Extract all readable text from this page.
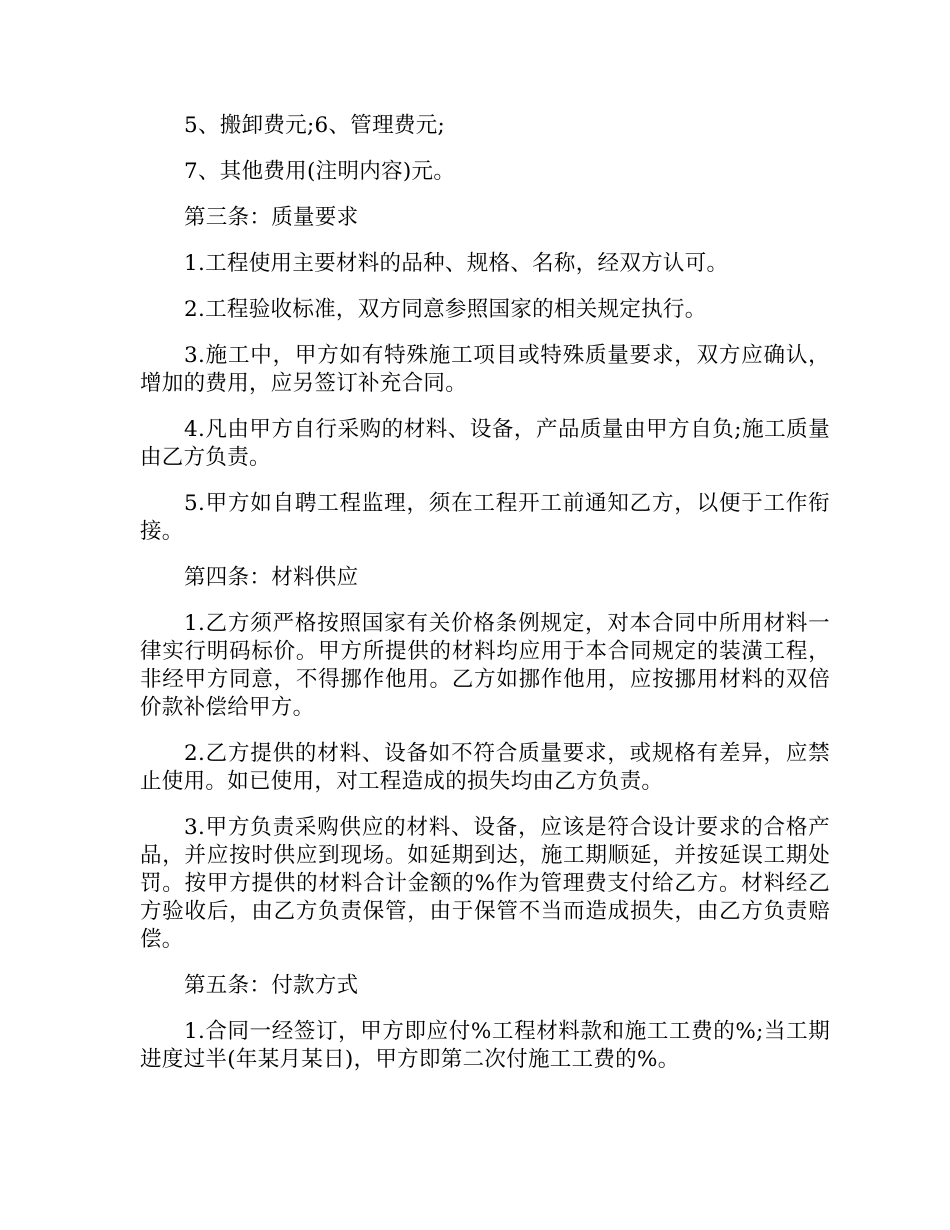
5、搬卸费元;6、管理费元;

7、其他费用(注明内容)元。

第三条：质量要求

1.工程使用主要材料的品种、规格、名称，经双方认可。

2.工程验收标准，双方同意参照国家的相关规定执行。

3.施工中，甲方如有特殊施工项目或特殊质量要求，双方应确认，增加的费用，应另签订补充合同。

4.凡由甲方自行采购的材料、设备，产品质量由甲方自负;施工质量由乙方负责。

5.甲方如自聘工程监理，须在工程开工前通知乙方，以便于工作衔接。

第四条：材料供应

1.乙方须严格按照国家有关价格条例规定，对本合同中所用材料一律实行明码标价。甲方所提供的材料均应用于本合同规定的装潢工程，非经甲方同意，不得挪作他用。乙方如挪作他用，应按挪用材料的双倍价款补偿给甲方。

2.乙方提供的材料、设备如不符合质量要求，或规格有差异，应禁止使用。如已使用，对工程造成的损失均由乙方负责。

3.甲方负责采购供应的材料、设备，应该是符合设计要求的合格产品，并应按时供应到现场。如延期到达，施工期顺延，并按延误工期处罚。按甲方提供的材料合计金额的%作为管理费支付给乙方。材料经乙方验收后，由乙方负责保管，由于保管不当而造成损失，由乙方负责赔偿。

第五条：付款方式

1.合同一经签订，甲方即应付%工程材料款和施工工费的%;当工期进度过半(年某月某日)，甲方即第二次付施工工费的%。
